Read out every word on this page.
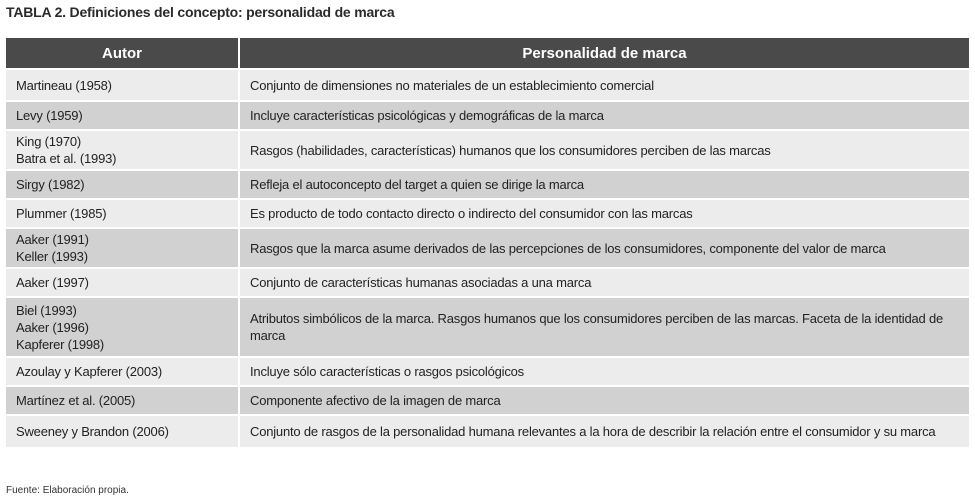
TABLA 2. Definiciones del concepto: personalidad de marca
Autor	Personalidad de marca

Martineau (1958)	Conjunto de dimensiones no materiales de un establecimiento comercial

Levy (1959)	Incluye características psicológicas y demográficas de la marca

King (1970)
Batra et al. (1993)	Rasgos (habilidades, características) humanos que los consumidores perciben de las marcas

Sirgy (1982)	Refleja el autoconcepto del target a quien se dirige la marca

Plummer (1985)	Es producto de todo contacto directo o indirecto del consumidor con las marcas

Aaker (1991)
Keller (1993)	Rasgos que la marca asume derivados de las percepciones de los consumidores, componente del valor de marca

Aaker (1997)	Conjunto de características humanas asociadas a una marca

Biel (1993)
Aaker (1996)
Kapferer (1998)	Atributos simbólicos de la marca. Rasgos humanos que los consumidores perciben de las marcas. Faceta de la identidad de marca

Azoulay y Kapferer (2003)	Incluye sólo características o rasgos psicológicos

Martínez et al. (2005)	Componente afectivo de la imagen de marca

Sweeney y Brandon (2006)	Conjunto de rasgos de la personalidad humana relevantes a la hora de describir la relación entre el consumidor y su marca
Fuente: Elaboración propia.
